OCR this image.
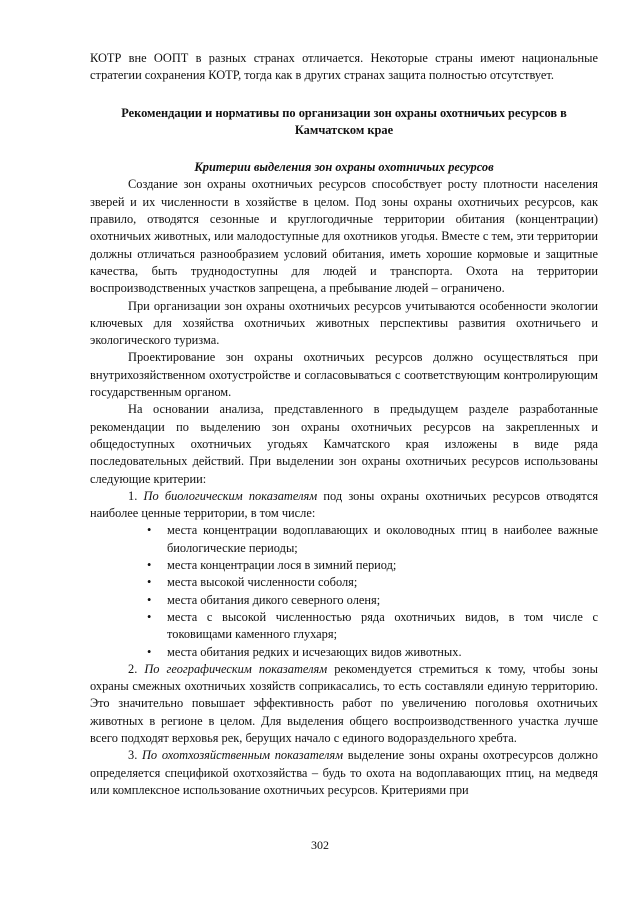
КОТР вне ООПТ в разных странах отличается. Некоторые страны имеют национальные стратегии сохранения КОТР, тогда как в других странах защита полностью отсутствует.

Рекомендации и нормативы по организации зон охраны охотничьих ресурсов в Камчатском крае

Критерии выделения зон охраны охотничьих ресурсов

Создание зон охраны охотничьих ресурсов способствует росту плотности населения зверей и их численности в хозяйстве в целом. Под зоны охраны охотничьих ресурсов, как правило, отводятся сезонные и круглогодичные территории обитания (концентрации) охотничьих животных, или малодоступные для охотников угодья. Вместе с тем, эти территории должны отличаться разнообразием условий обитания, иметь хорошие кормовые и защитные качества, быть труднодоступны для людей и транспорта. Охота на территории воспроизводственных участков запрещена, а пребывание людей – ограничено.

При организации зон охраны охотничьих ресурсов учитываются особенности экологии ключевых для хозяйства охотничьих животных перспективы развития охотничьего и экологического туризма.

Проектирование зон охраны охотничьих ресурсов должно осуществляться при внутрихозяйственном охотустройстве и согласовываться с соответствующим контролирующим государственным органом.

На основании анализа, представленного в предыдущем разделе разработанные рекомендации по выделению зон охраны охотничьих ресурсов на закрепленных и общедоступных охотничьих угодьях Камчатского края изложены в виде ряда последовательных действий. При выделении зон охраны охотничьих ресурсов использованы следующие критерии:

1. По биологическим показателям под зоны охраны охотничьих ресурсов отводятся наиболее ценные территории, в том числе:

• места концентрации водоплавающих и околоводных птиц в наиболее важные биологические периоды;
• места концентрации лося в зимний период;
• места высокой численности соболя;
• места обитания дикого северного оленя;
• места с высокой численностью ряда охотничьих видов, в том числе с токовищами каменного глухаря;
• места обитания редких и исчезающих видов животных.

2. По географическим показателям рекомендуется стремиться к тому, чтобы зоны охраны смежных охотничьих хозяйств соприкасались, то есть составляли единую территорию. Это значительно повышает эффективность работ по увеличению поголовья охотничьих животных в регионе в целом. Для выделения общего воспроизводственного участка лучше всего подходят верховья рек, берущих начало с единого водораздельного хребта.

3. По охотхозяйственным показателям выделение зоны охраны охотресурсов должно определяется спецификой охотхозяйства – будь то охота на водоплавающих птиц, на медведя или комплексное использование охотничьих ресурсов. Критериями при

302
